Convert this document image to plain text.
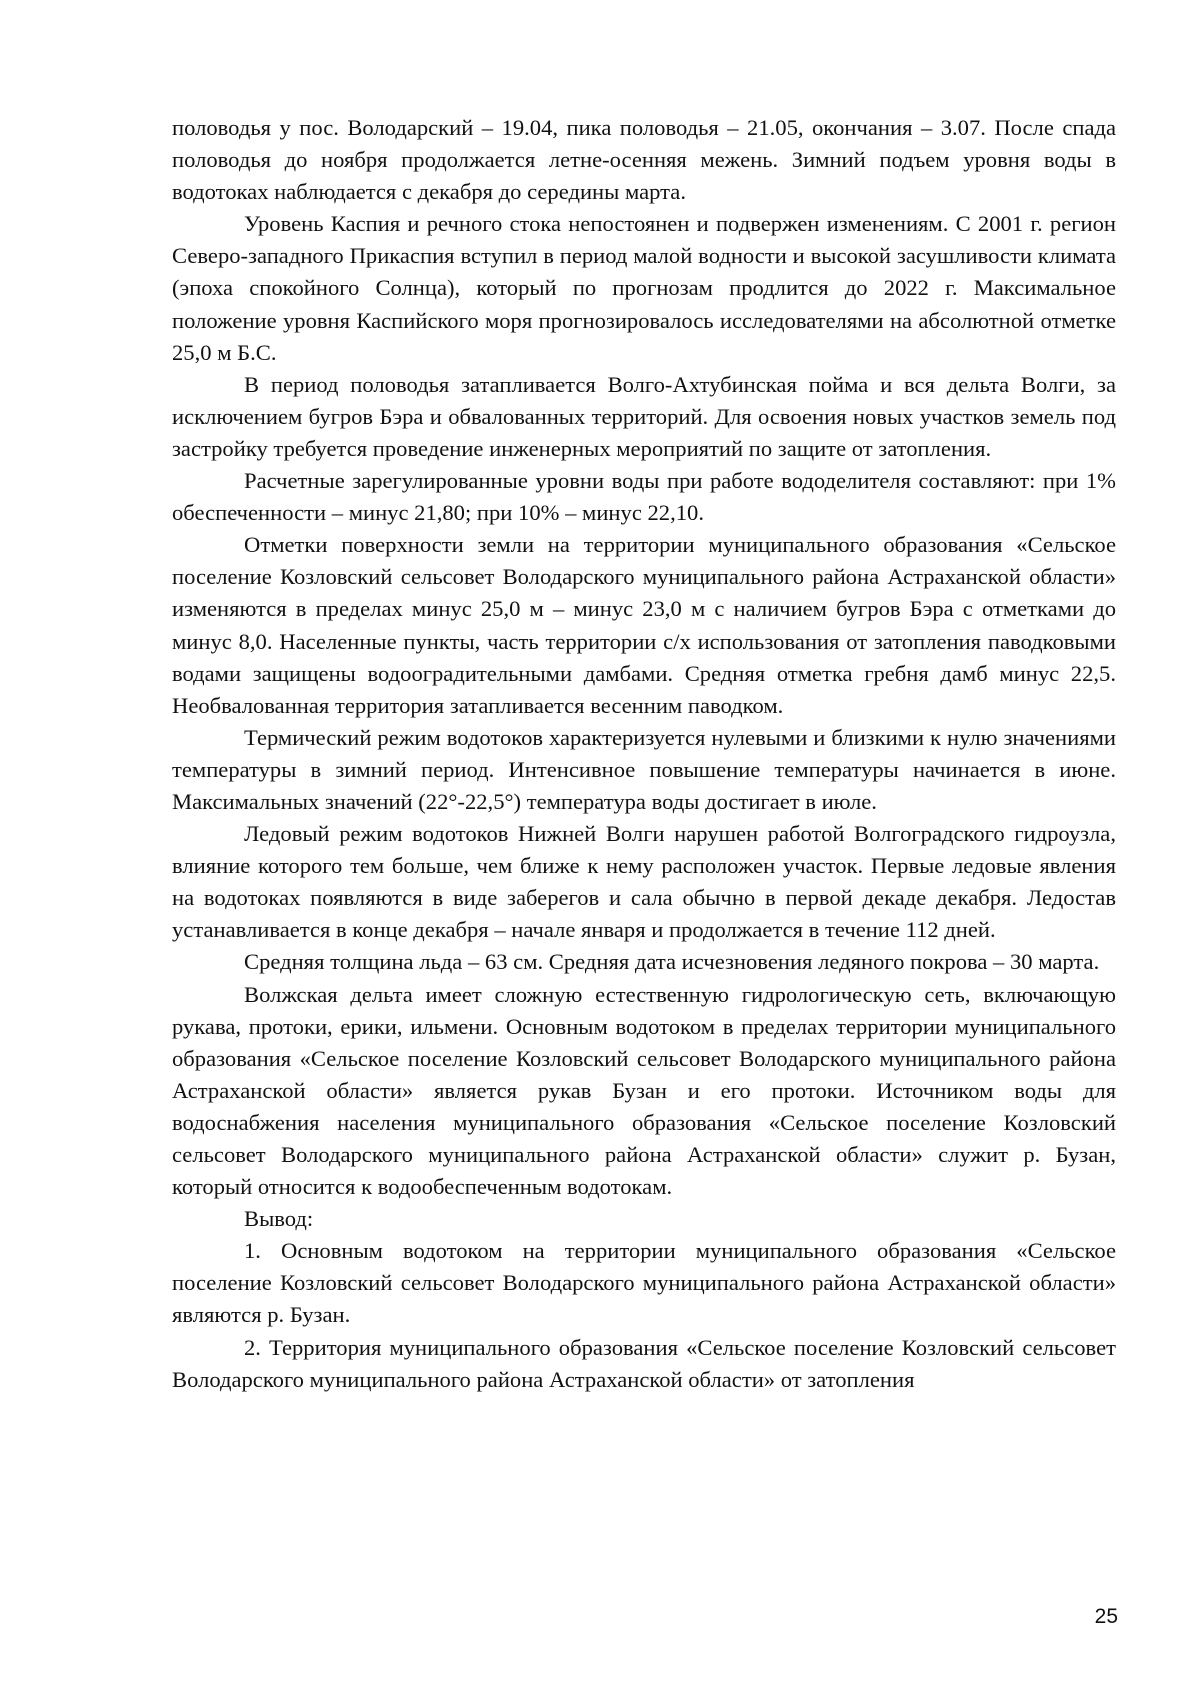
половодья у пос. Володарский – 19.04, пика половодья – 21.05, окончания – 3.07. После спада половодья до ноября продолжается летне-осенняя межень. Зимний подъем уровня воды в водотоках наблюдается с декабря до середины марта.

Уровень Каспия и речного стока непостоянен и подвержен изменениям. С 2001 г. регион Северо-западного Прикаспия вступил в период малой водности и высокой засушливости климата (эпоха спокойного Солнца), который по прогнозам продлится до 2022 г. Максимальное положение уровня Каспийского моря прогнозировалось исследователями на абсолютной отметке 25,0 м Б.С.

В период половодья затапливается Волго-Ахтубинская пойма и вся дельта Волги, за исключением бугров Бэра и обвалованных территорий. Для освоения новых участков земель под застройку требуется проведение инженерных мероприятий по защите от затопления.

Расчетные зарегулированные уровни воды при работе вододелителя составляют: при 1% обеспеченности – минус 21,80; при 10% – минус 22,10.

Отметки поверхности земли на территории муниципального образования «Сельское поселение Козловский сельсовет Володарского муниципального района Астраханской области» изменяются в пределах минус 25,0 м – минус 23,0 м с наличием бугров Бэра с отметками до минус 8,0. Населенные пункты, часть территории с/х использования от затопления паводковыми водами защищены водооградительными дамбами. Средняя отметка гребня дамб минус 22,5. Необвалованная территория затапливается весенним паводком.

Термический режим водотоков характеризуется нулевыми и близкими к нулю значениями температуры в зимний период. Интенсивное повышение температуры начинается в июне. Максимальных значений (22°-22,5°) температура воды достигает в июле.

Ледовый режим водотоков Нижней Волги нарушен работой Волгоградского гидроузла, влияние которого тем больше, чем ближе к нему расположен участок. Первые ледовые явления на водотоках появляются в виде заберегов и сала обычно в первой декаде декабря. Ледостав устанавливается в конце декабря – начале января и продолжается в течение 112 дней.

Средняя толщина льда – 63 см. Средняя дата исчезновения ледяного покрова – 30 марта.

Волжская дельта имеет сложную естественную гидрологическую сеть, включающую рукава, протоки, ерики, ильмени. Основным водотоком в пределах территории муниципального образования «Сельское поселение Козловский сельсовет Володарского муниципального района Астраханской области» является рукав Бузан и его протоки. Источником воды для водоснабжения населения муниципального образования «Сельское поселение Козловский сельсовет Володарского муниципального района Астраханской области» служит р. Бузан, который относится к водообеспеченным водотокам.

Вывод:

1. Основным водотоком на территории муниципального образования «Сельское поселение Козловский сельсовет Володарского муниципального района Астраханской области» являются р. Бузан.

2. Территория муниципального образования «Сельское поселение Козловский сельсовет Володарского муниципального района Астраханской области» от затопления

25
